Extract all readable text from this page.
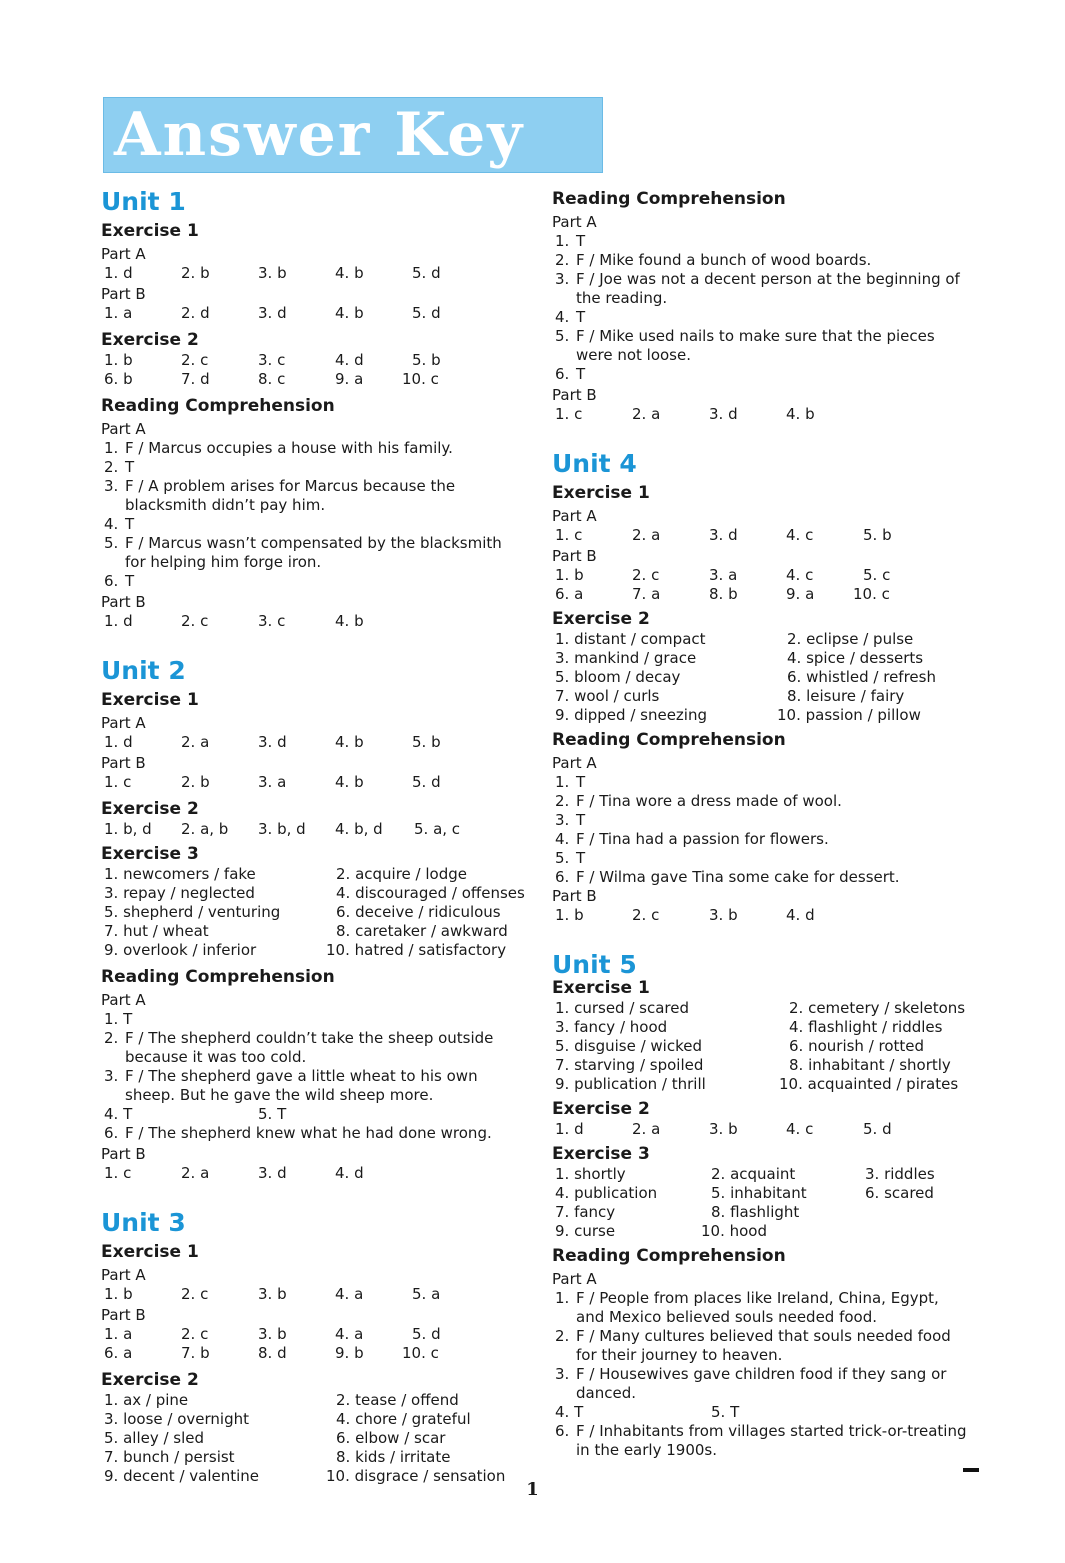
Answer Key
Unit 1
Exercise 1
Part A
1. d	2. b	3. b	4. b	5. d
Part B
1. a	2. d	3. d	4. b	5. d
Exercise 2
1. b	2. c	3. c	4. d	5. b
6. b	7. d	8. c	9. a	10. c
Reading Comprehension
Part A
1. F / Marcus occupies a house with his family.
2. T
3. F / A problem arises for Marcus because the blacksmith didn’t pay him.
4. T
5. F / Marcus wasn’t compensated by the blacksmith for helping him forge iron.
6. T
Part B
1. d	2. c	3. c	4. b
Unit 2
Exercise 1
Part A
1. d	2. a	3. d	4. b	5. b
Part B
1. c	2. b	3. a	4. b	5. d
Exercise 2
1. b, d 2. a, b 3. b, d 4. b, d 5. a, c
Exercise 3
1. newcomers / fake	2. acquire / lodge
3. repay / neglected	4. discouraged / offenses
5. shepherd / venturing	6. deceive / ridiculous
7. hut / wheat	8. caretaker / awkward
9. overlook / inferior	10. hatred / satisfactory
Reading Comprehension
Part A
1. T
2. F / The shepherd couldn’t take the sheep outside because it was too cold.
3. F / The shepherd gave a little wheat to his own sheep. But he gave the wild sheep more.
4. T	5. T
6. F / The shepherd knew what he had done wrong.
Part B
1. c	2. a	3. d	4. d
Unit 3
Exercise 1
Part A
1. b	2. c	3. b	4. a	5. a
Part B
1. a	2. c	3. b	4. a	5. d
6. a	7. b	8. d	9. b	10. c
Exercise 2
1. ax / pine	2. tease / offend
3. loose / overnight	4. chore / grateful
5. alley / sled	6. elbow / scar
7. bunch / persist	8. kids / irritate
9. decent / valentine	10. disgrace / sensation
Reading Comprehension
Part A
1. T
2. F / Mike found a bunch of wood boards.
3. F / Joe was not a decent person at the beginning of the reading.
4. T
5. F / Mike used nails to make sure that the pieces were not loose.
6. T
Part B
1. c	2. a	3. d	4. b
Unit 4
Exercise 1
Part A
1. c	2. a	3. d	4. c	5. b
Part B
1. b	2. c	3. a	4. c	5. c
6. a	7. a	8. b	9. a	10. c
Exercise 2
1. distant / compact	2. eclipse / pulse
3. mankind / grace	4. spice / desserts
5. bloom / decay	6. whistled / refresh
7. wool / curls	8. leisure / fairy
9. dipped / sneezing	10. passion / pillow
Reading Comprehension
Part A
1. T
2. F / Tina wore a dress made of wool.
3. T
4. F / Tina had a passion for flowers.
5. T
6. F / Wilma gave Tina some cake for dessert.
Part B
1. b	2. c	3. b	4. d
Unit 5
Exercise 1
1. cursed / scared	2. cemetery / skeletons
3. fancy / hood	4. flashlight / riddles
5. disguise / wicked	6. nourish / rotted
7. starving / spoiled	8. inhabitant / shortly
9. publication / thrill	10. acquainted / pirates
Exercise 2
1. d	2. a	3. b	4. c	5. d
Exercise 3
1. shortly	2. acquaint	3. riddles
4. publication	5. inhabitant	6. scared
7. fancy	8. flashlight
9. curse	10. hood
Reading Comprehension
Part A
1. F / People from places like Ireland, China, Egypt, and Mexico believed souls needed food.
2. F / Many cultures believed that souls needed food for their journey to heaven.
3. F / Housewives gave children food if they sang or danced.
4. T	5. T
6. F / Inhabitants from villages started trick-or-treating in the early 1900s.
1
